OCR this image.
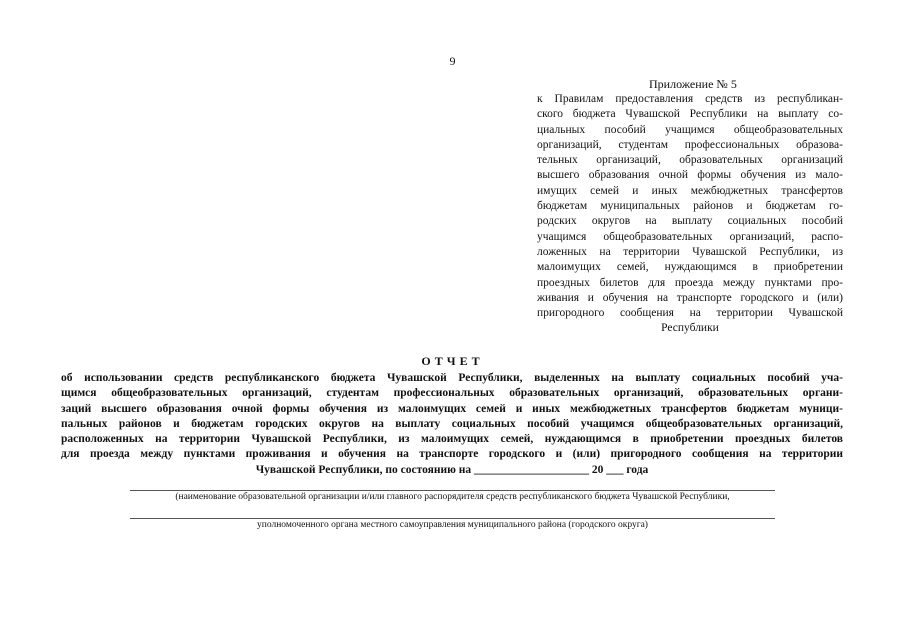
9
Приложение № 5
к Правилам предоставления средств из республикан-
ского бюджета Чувашской Республики на выплату со-
циальных пособий учащимся общеобразовательных
организаций, студентам профессиональных образова-
тельных организаций, образовательных организаций
высшего образования очной формы обучения из мало-
имущих семей и иных межбюджетных трансфертов
бюджетам муниципальных районов и бюджетам го-
родских округов на выплату социальных пособий
учащимся общеобразовательных организаций, распо-
ложенных на территории Чувашской Республики, из
малоимущих семей, нуждающимся в приобретении
проездных билетов для проезда между пунктами про-
живания и обучения на транспорте городского и (или)
пригородного сообщения на территории Чувашской
Республики
ОТЧЕТ
об использовании средств республиканского бюджета Чувашской Республики, выделенных на выплату социальных пособий уча-
щимся общеобразовательных организаций, студентам профессиональных образовательных организаций, образовательных органи-
заций высшего образования очной формы обучения из малоимущих семей и иных межбюджетных трансфертов бюджетам муници-
пальных районов и бюджетам городских округов на выплату социальных пособий учащимся общеобразовательных организаций,
расположенных на территории Чувашской Республики, из малоимущих семей, нуждающимся в приобретении проездных билетов
для проезда между пунктами проживания и обучения на транспорте городского и (или) пригородного сообщения на территории
Чувашской Республики, по состоянию на ____________________ 20 ___ года
(наименование образовательной организации и/или главного распорядителя средств республиканского бюджета Чувашской Республики,
уполномоченного органа местного самоуправления муниципального района (городского округа)
